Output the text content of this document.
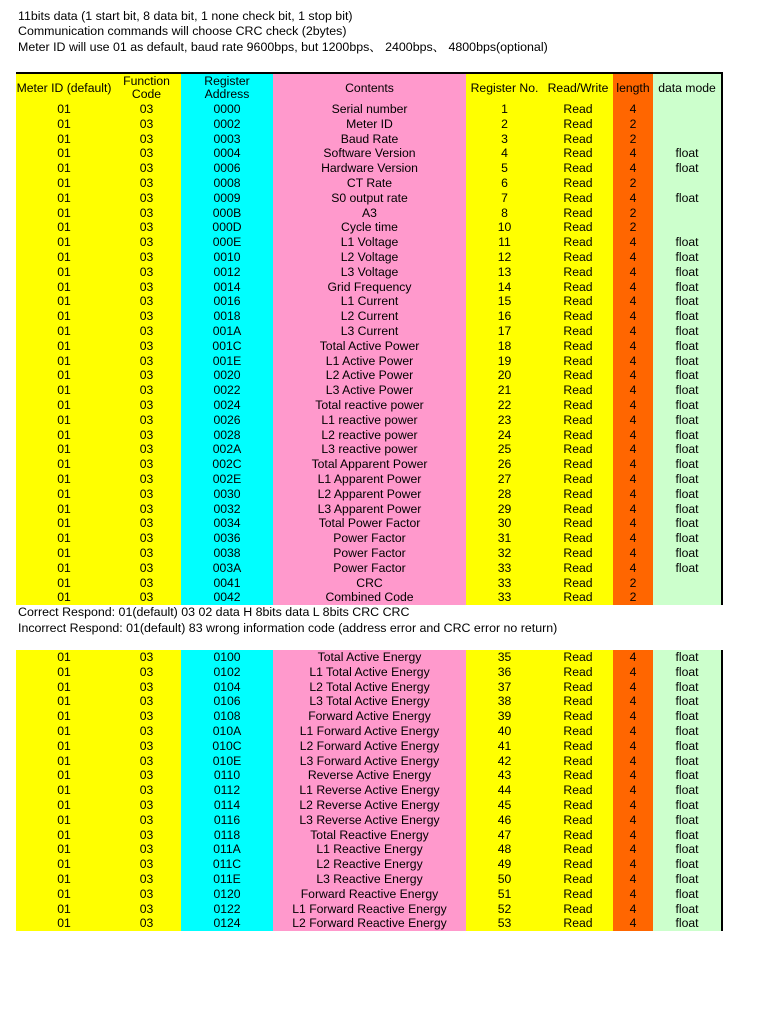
11bits data (1 start bit, 8 data bit, 1 none check bit, 1 stop bit)
Communication commands will choose CRC check (2bytes)
Meter ID will use 01 as default, baud rate 9600bps, but 1200bps、 2400bps、 4800bps(optional)
Meter ID (default)	Function Code	Register Address	Contents	Register No.	Read/Write	length	data mode
01	03	0000	Serial number	1	Read	4	
01	03	0002	Meter ID	2	Read	2	
01	03	0003	Baud Rate	3	Read	2	
01	03	0004	Software Version	4	Read	4	float
01	03	0006	Hardware Version	5	Read	4	float
01	03	0008	CT Rate	6	Read	2	
01	03	0009	S0 output rate	7	Read	4	float
01	03	000B	A3	8	Read	2	
01	03	000D	Cycle time	10	Read	2	
01	03	000E	L1 Voltage	11	Read	4	float
01	03	0010	L2 Voltage	12	Read	4	float
01	03	0012	L3 Voltage	13	Read	4	float
01	03	0014	Grid Frequency	14	Read	4	float
01	03	0016	L1 Current	15	Read	4	float
01	03	0018	L2 Current	16	Read	4	float
01	03	001A	L3 Current	17	Read	4	float
01	03	001C	Total Active Power	18	Read	4	float
01	03	001E	L1 Active Power	19	Read	4	float
01	03	0020	L2 Active Power	20	Read	4	float
01	03	0022	L3 Active Power	21	Read	4	float
01	03	0024	Total reactive power	22	Read	4	float
01	03	0026	L1 reactive power	23	Read	4	float
01	03	0028	L2 reactive power	24	Read	4	float
01	03	002A	L3 reactive power	25	Read	4	float
01	03	002C	Total Apparent Power	26	Read	4	float
01	03	002E	L1 Apparent Power	27	Read	4	float
01	03	0030	L2 Apparent Power	28	Read	4	float
01	03	0032	L3 Apparent Power	29	Read	4	float
01	03	0034	Total Power Factor	30	Read	4	float
01	03	0036	Power Factor	31	Read	4	float
01	03	0038	Power Factor	32	Read	4	float
01	03	003A	Power Factor	33	Read	4	float
01	03	0041	CRC	33	Read	2	
01	03	0042	Combined Code	33	Read	2	
Correct Respond: 01(default) 03 02 data H 8bits data L 8bits CRC CRC
Incorrect Respond: 01(default) 83 wrong information code (address error and CRC error no return)
01	03	0100	Total Active Energy	35	Read	4	float
01	03	0102	L1 Total Active Energy	36	Read	4	float
01	03	0104	L2 Total Active Energy	37	Read	4	float
01	03	0106	L3 Total Active Energy	38	Read	4	float
01	03	0108	Forward Active Energy	39	Read	4	float
01	03	010A	L1 Forward Active Energy	40	Read	4	float
01	03	010C	L2 Forward Active Energy	41	Read	4	float
01	03	010E	L3 Forward Active Energy	42	Read	4	float
01	03	0110	Reverse Active Energy	43	Read	4	float
01	03	0112	L1 Reverse Active Energy	44	Read	4	float
01	03	0114	L2 Reverse Active Energy	45	Read	4	float
01	03	0116	L3 Reverse Active Energy	46	Read	4	float
01	03	0118	Total Reactive Energy	47	Read	4	float
01	03	011A	L1 Reactive Energy	48	Read	4	float
01	03	011C	L2 Reactive Energy	49	Read	4	float
01	03	011E	L3 Reactive Energy	50	Read	4	float
01	03	0120	Forward Reactive Energy	51	Read	4	float
01	03	0122	L1 Forward Reactive Energy	52	Read	4	float
01	03	0124	L2 Forward Reactive Energy	53	Read	4	float
